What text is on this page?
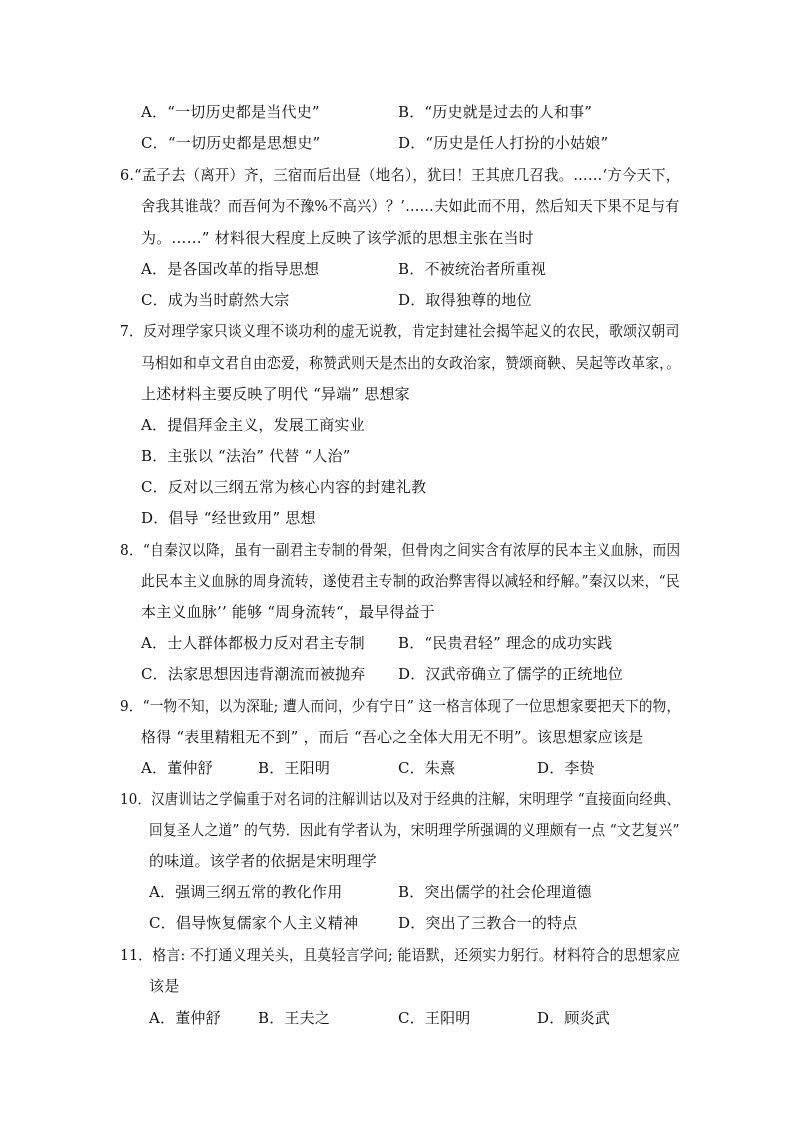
A．“一切历史都是当代史”	B．“历史就是过去的人和事”
C．“一切历史都是思想史”	D．“历史是任人打扮的小姑娘”
6.“孟子去（离开）齐，三宿而后出昼（地名），犹曰！王其庶几召我。……‘方今天下，
舍我其谁哉？而吾何为不豫%不高兴）？’……夫如此而不用，然后知天下果不足与有
为。……” 材料很大程度上反映了该学派的思想主张在当时
A．是各国改革的指导思想	B．不被统治者所重视
C．成为当时蔚然大宗	D．取得独尊的地位
7．反对理学家只谈义理不谈功利的虚无说教，肯定封建社会揭竿起义的农民，歌颂汉朝司
马相如和卓文君自由恋爱，称赞武则天是杰出的女政治家，赞颂商鞅、吴起等改革家，。
上述材料主要反映了明代 “异端” 思想家
A．提倡拜金主义，发展工商实业
B．主张以 “法治” 代替 “人治”
C．反对以三纲五常为核心内容的封建礼教
D．倡导 “经世致用” 思想
8．“自秦汉以降，虽有一副君主专制的骨架，但骨肉之间实含有浓厚的民本主义血脉，而因
此民本主义血脉的周身流转，遂使君主专制的政治弊害得以减轻和纾解。”秦汉以来，“民
本主义血脉’’ 能够 “周身流转“，最早得益于
A．士人群体都极力反对君主专制 B．“民贵君轻” 理念的成功实践
C．法家思想因违背潮流而被抛弃 D．汉武帝确立了儒学的正统地位
9．“一物不知，以为深耻; 遭人而问，少有宁日” 这一格言体现了一位思想家要把天下的物，
格得 “表里精粗无不到” ，而后 “吾心之全体大用无不明”。该思想家应该是
A．董仲舒	B．王阳明	C．朱熹	D．李贽
10．汉唐训诂之学偏重于对名词的注解训诂以及对于经典的注解，宋明理学 “直接面向经典、
回复圣人之道” 的气势．因此有学者认为，宋明理学所强调的义理颇有一点 “文艺复兴”
的味道。该学者的依据是宋明理学
A．强调三纲五常的教化作用	B．突出儒学的社会伦理道德
C．倡导恢复儒家个人主义精神	D．突出了三教合一的特点
11．格言: 不打通义理关头，且莫轻言学问; 能语默，还须实力躬行。材料符合的思想家应
该是
A．董仲舒 B．王夫之	C．王阳明	D．顾炎武
